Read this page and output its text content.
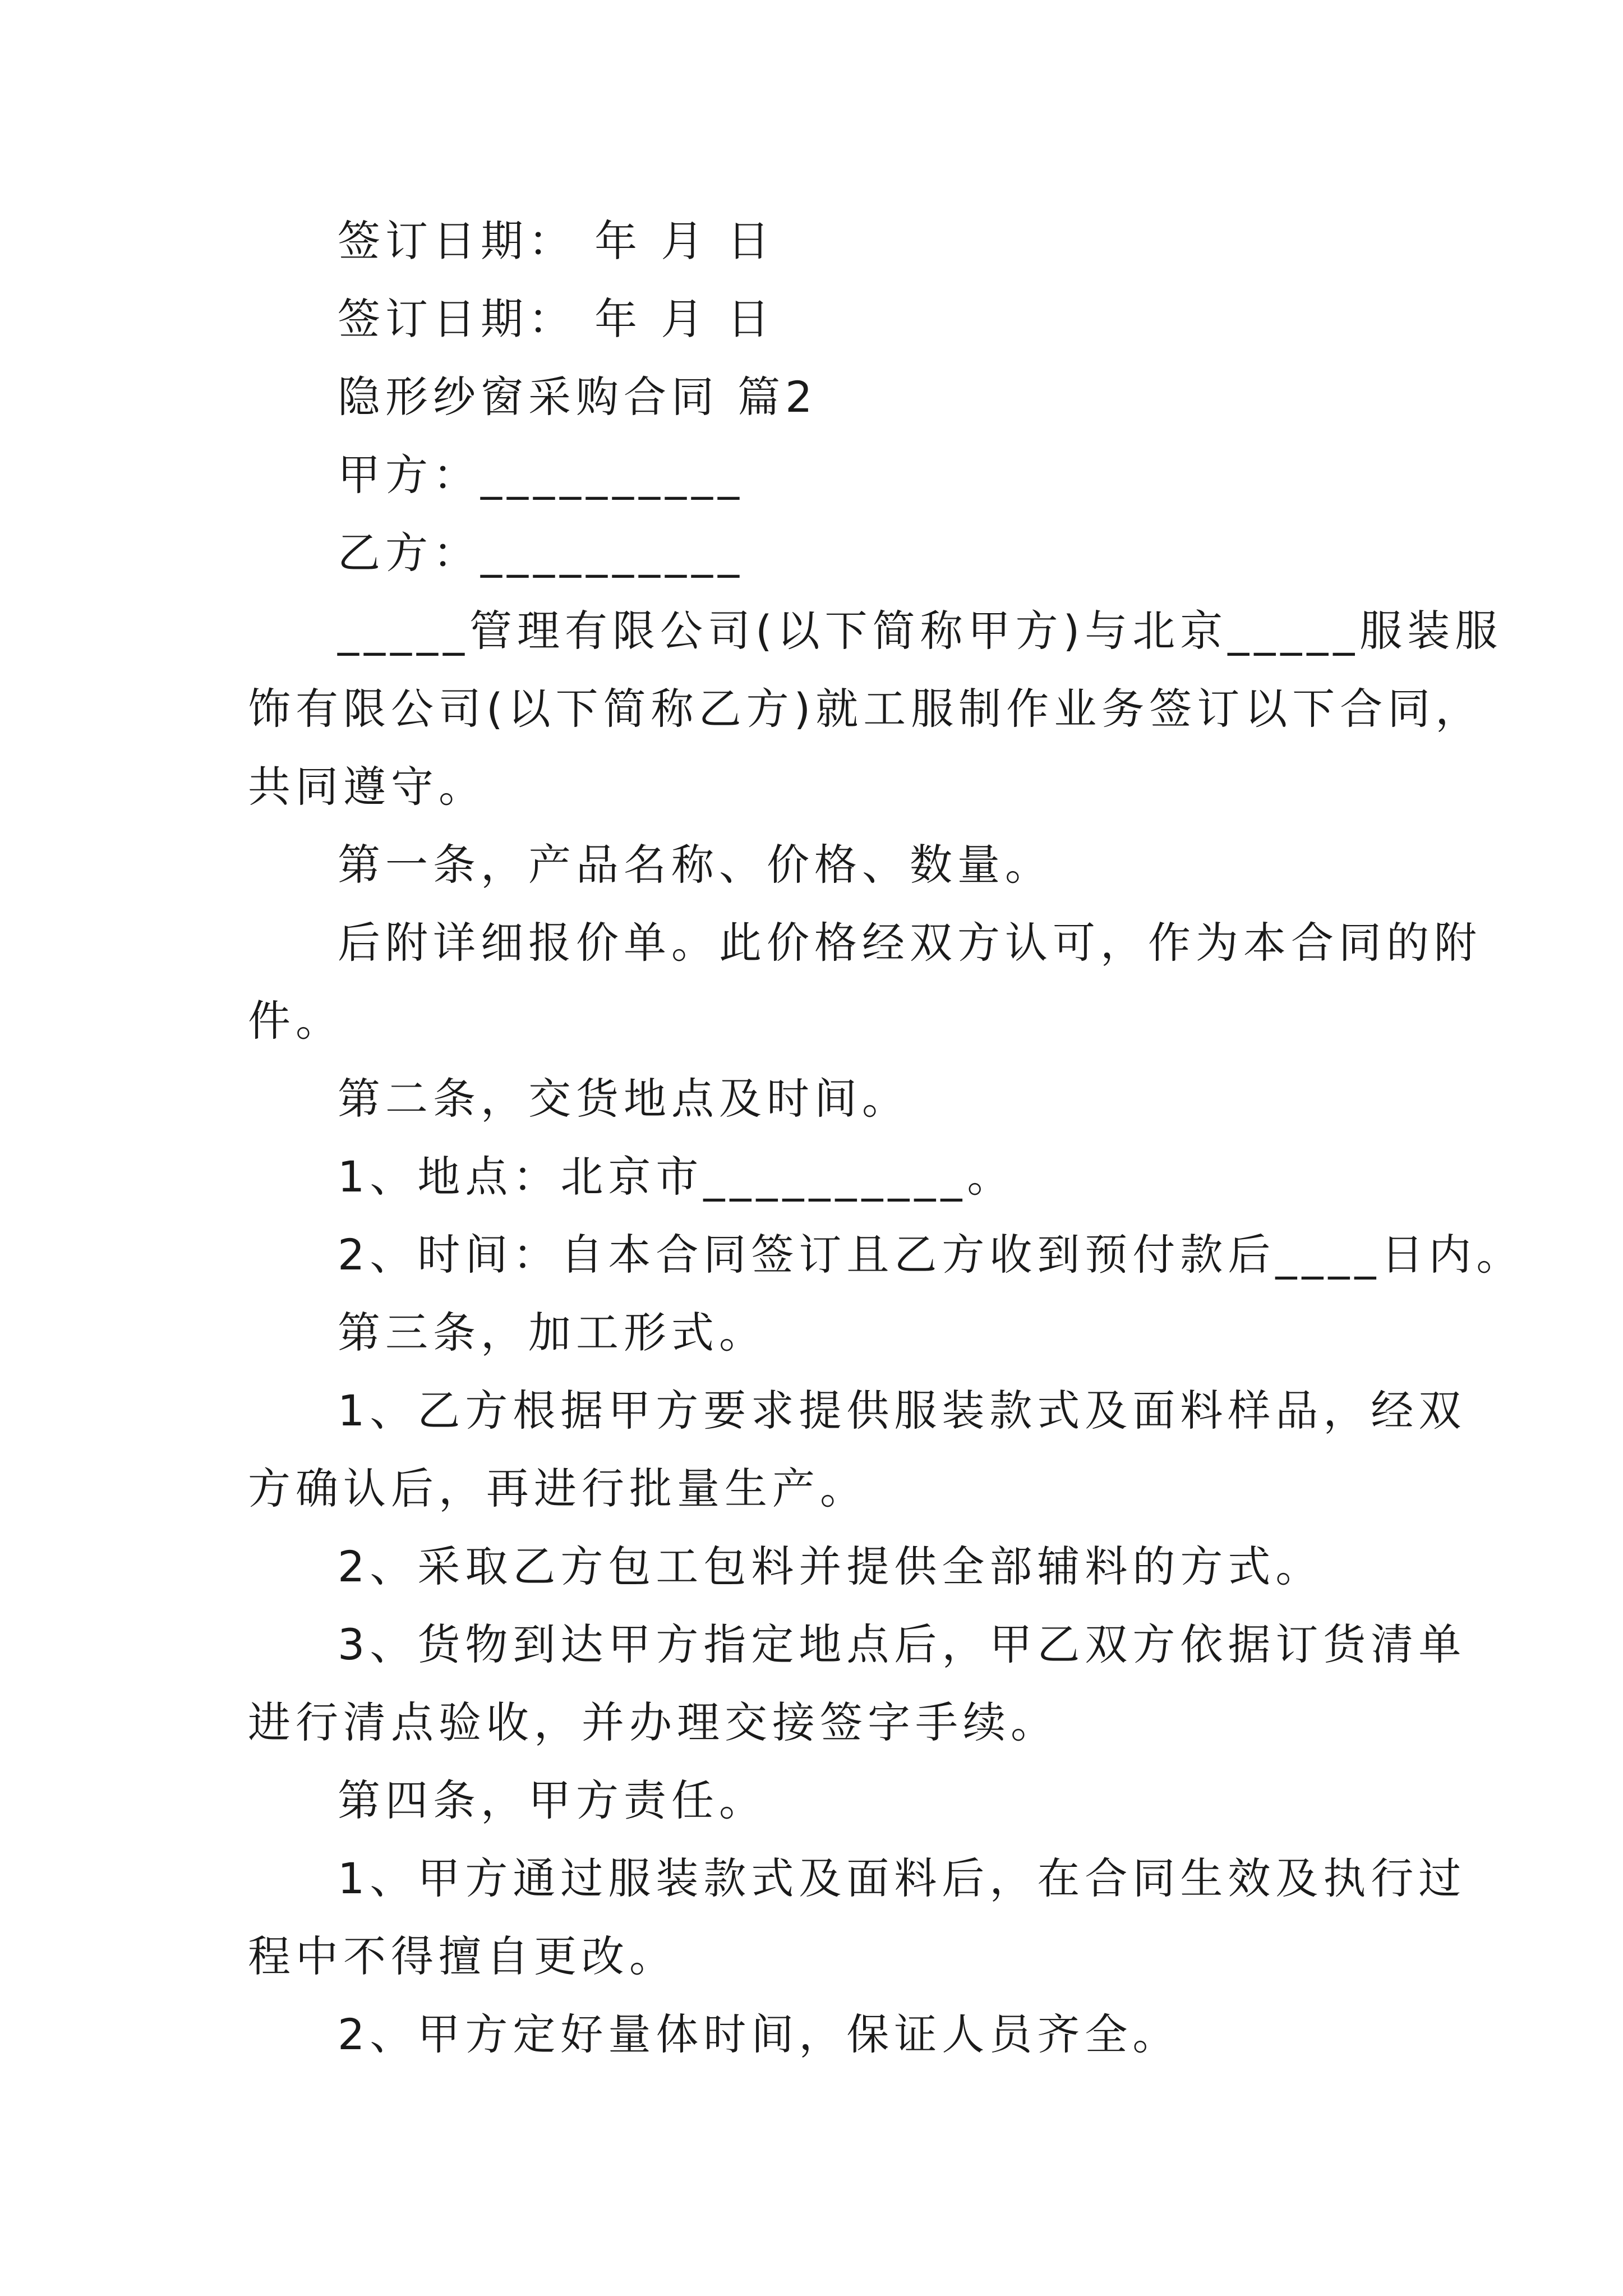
签订日期： 年 月 日
签订日期： 年 月 日
隐形纱窗采购合同 篇2
甲方：__________
乙方：__________
_____管理有限公司(以下简称甲方)与北京_____服装服
饰有限公司(以下简称乙方)就工服制作业务签订以下合同，
共同遵守。
第一条，产品名称、价格、数量。
后附详细报价单。此价格经双方认可，作为本合同的附
件。
第二条，交货地点及时间。
1、地点：北京市__________。
2、时间：自本合同签订且乙方收到预付款后____日内。
第三条，加工形式。
1、乙方根据甲方要求提供服装款式及面料样品，经双
方确认后，再进行批量生产。
2、采取乙方包工包料并提供全部辅料的方式。
3、货物到达甲方指定地点后，甲乙双方依据订货清单
进行清点验收，并办理交接签字手续。
第四条，甲方责任。
1、甲方通过服装款式及面料后，在合同生效及执行过
程中不得擅自更改。
2、甲方定好量体时间，保证人员齐全。
